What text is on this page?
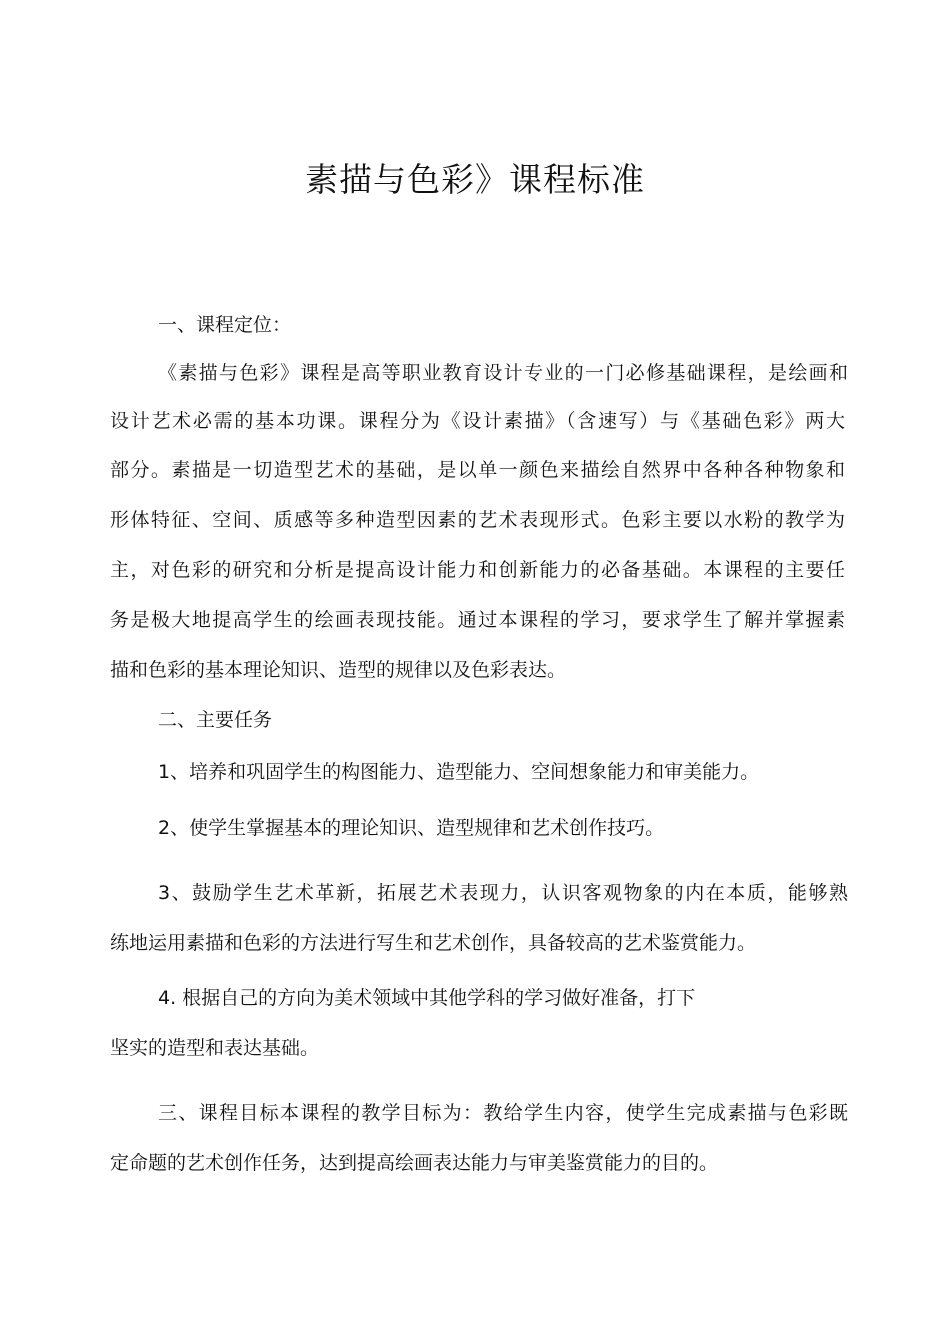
素描与色彩》课程标准

一、课程定位：

《素描与色彩》课程是高等职业教育设计专业的一门必修基础课程，是绘画和

设计艺术必需的基本功课。课程分为《设计素描》（含速写）与《基础色彩》两大

部分。素描是一切造型艺术的基础，是以单一颜色来描绘自然界中各种各种物象和

形体特征、空间、质感等多种造型因素的艺术表现形式。色彩主要以水粉的教学为

主，对色彩的研究和分析是提高设计能力和创新能力的必备基础。本课程的主要任

务是极大地提高学生的绘画表现技能。通过本课程的学习，要求学生了解并掌握素

描和色彩的基本理论知识、造型的规律以及色彩表达。

二、主要任务

1、培养和巩固学生的构图能力、造型能力、空间想象能力和审美能力。

2、使学生掌握基本的理论知识、造型规律和艺术创作技巧。

3、鼓励学生艺术革新，拓展艺术表现力，认识客观物象的内在本质，能够熟

练地运用素描和色彩的方法进行写生和艺术创作，具备较高的艺术鉴赏能力。

4. 根据自己的方向为美术领域中其他学科的学习做好准备，打下

坚实的造型和表达基础。

三、课程目标本课程的教学目标为：教给学生内容，使学生完成素描与色彩既

定命题的艺术创作任务，达到提高绘画表达能力与审美鉴赏能力的目的。
